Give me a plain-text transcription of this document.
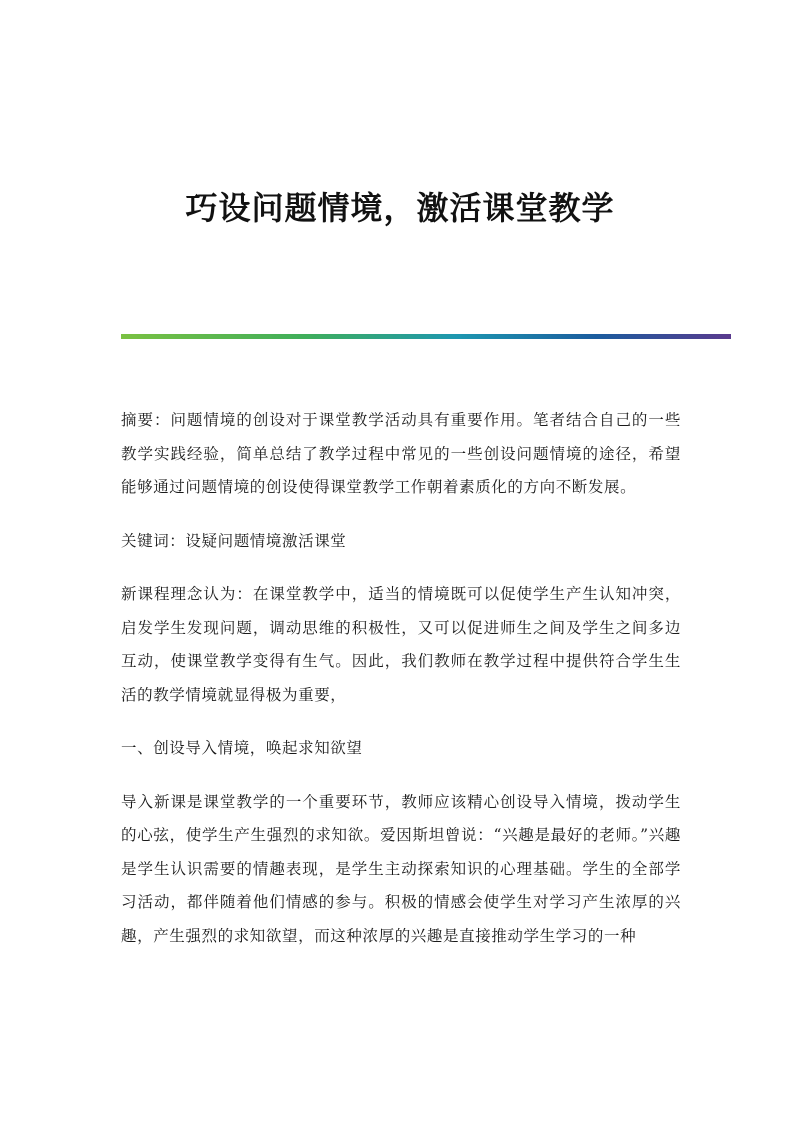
巧设问题情境，激活课堂教学

摘要：问题情境的创设对于课堂教学活动具有重要作用。笔者结合自己的一些教学实践经验，简单总结了教学过程中常见的一些创设问题情境的途径，希望能够通过问题情境的创设使得课堂教学工作朝着素质化的方向不断发展。

关键词：设疑问题情境激活课堂

新课程理念认为：在课堂教学中，适当的情境既可以促使学生产生认知冲突，启发学生发现问题，调动思维的积极性，又可以促进师生之间及学生之间多边互动，使课堂教学变得有生气。因此，我们教师在教学过程中提供符合学生生活的教学情境就显得极为重要，

一、创设导入情境，唤起求知欲望

导入新课是课堂教学的一个重要环节，教师应该精心创设导入情境，拨动学生的心弦，使学生产生强烈的求知欲。爱因斯坦曾说：“兴趣是最好的老师。”兴趣是学生认识需要的情趣表现，是学生主动探索知识的心理基础。学生的全部学习活动，都伴随着他们情感的参与。积极的情感会使学生对学习产生浓厚的兴趣，产生强烈的求知欲望，而这种浓厚的兴趣是直接推动学生学习的一种
